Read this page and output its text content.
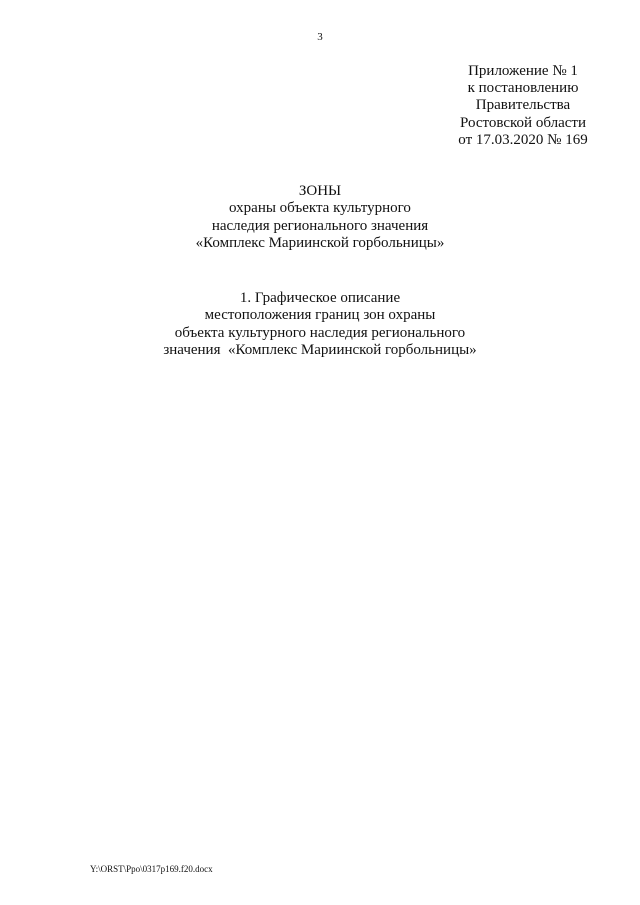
3
Приложение № 1
к постановлению
Правительства
Ростовской области
от 17.03.2020 № 169
ЗОНЫ
охраны объекта культурного
наследия регионального значения
«Комплекс Мариинской горбольницы»
1. Графическое описание
местоположения границ зон охраны
объекта культурного наследия регионального
значения  «Комплекс Мариинской горбольницы»
Y:\ORST\Ppo\0317p169.f20.docx
